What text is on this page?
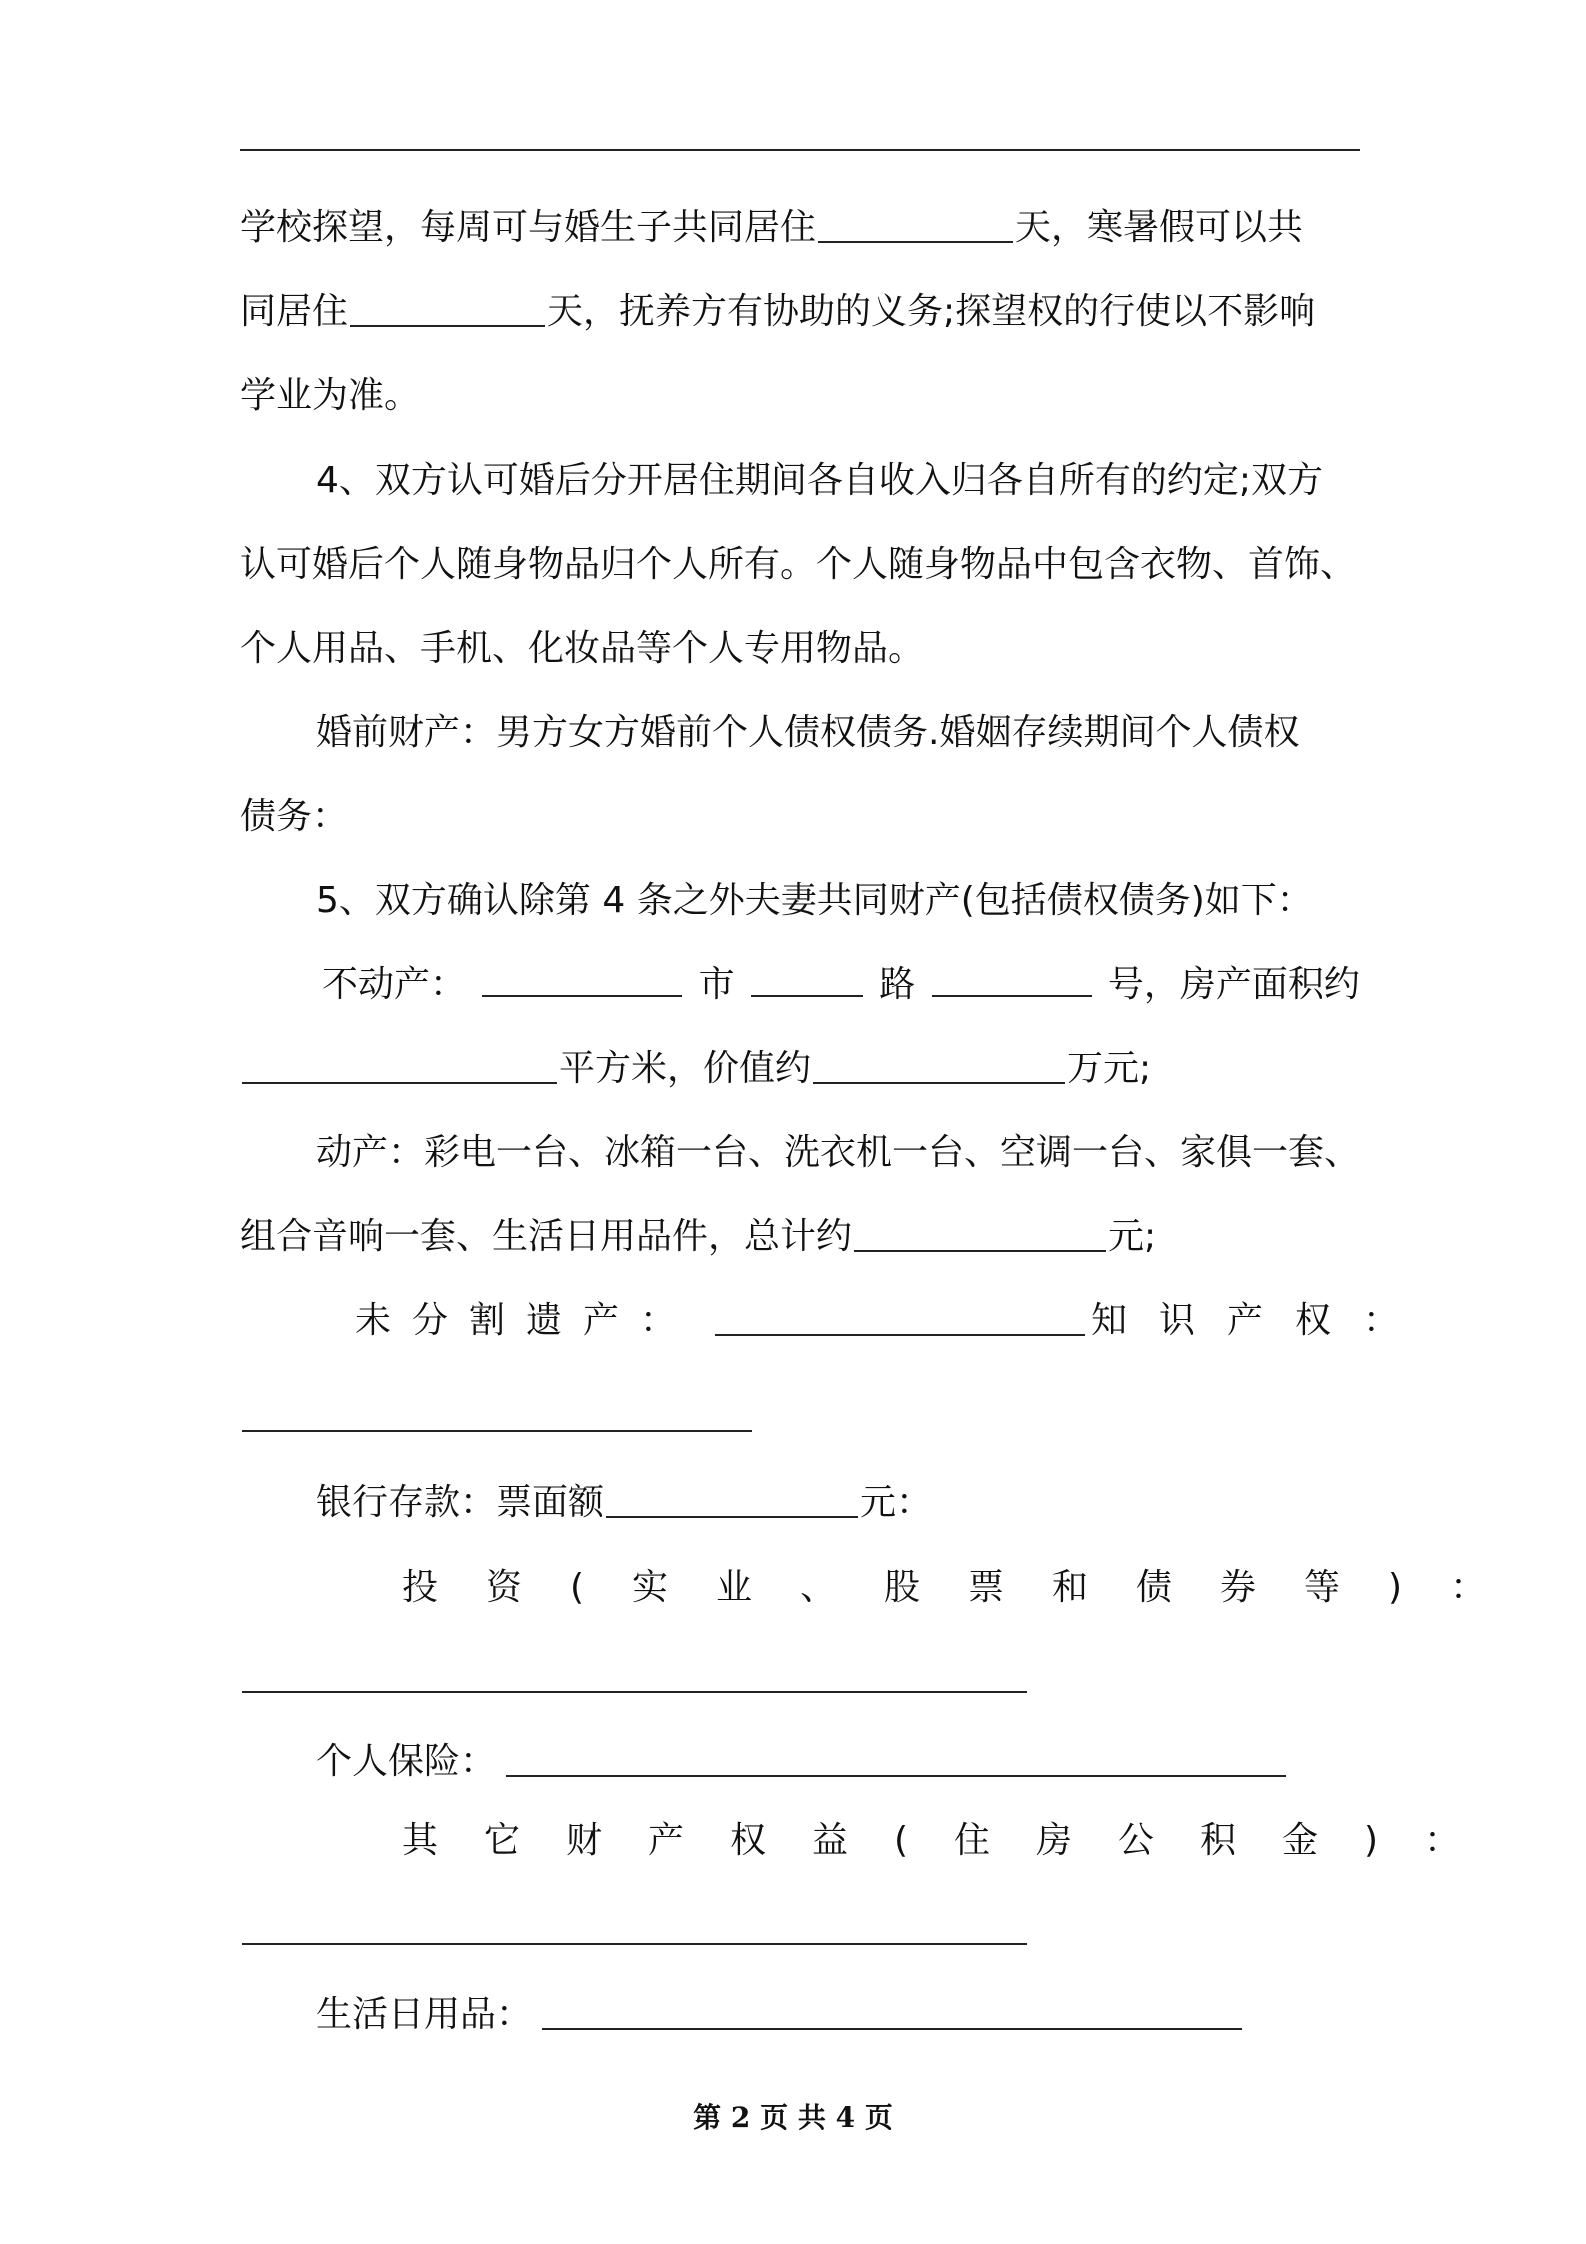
学校探望，每周可与婚生子共同居住	天，寒暑假可以共
同居住	天，抚养方有协助的义务;探望权的行使以不影响
学业为准。
4、双方认可婚后分开居住期间各自收入归各自所有的约定;双方
认可婚后个人随身物品归个人所有。个人随身物品中包含衣物、首饰、
个人用品、手机、化妆品等个人专用物品。
婚前财产：男方女方婚前个人债权债务.婚姻存续期间个人债权
债务：
5、双方确认除第 4 条之外夫妻共同财产(包括债权债务)如下：
不动产：	市	路	号，房产面积约
平方米，价值约	万元;
动产：彩电一台、冰箱一台、洗衣机一台、空调一台、家俱一套、
组合音响一套、生活日用品件，总计约	元;
未分割遗产：	知识产权：
银行存款：票面额	元：
投资(实业、股票和债券等)：
个人保险：
其它财产权益(住房公积金)：
生活日用品：
第 2 页 共 4 页
